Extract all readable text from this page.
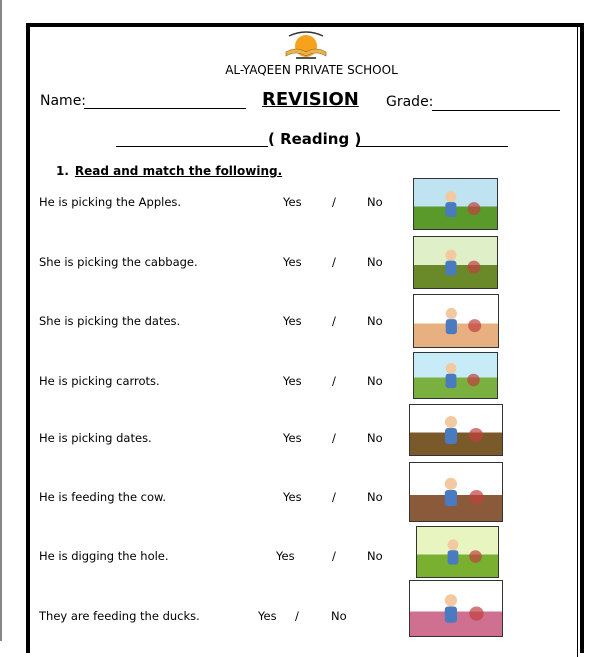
AL-YAQEEN PRIVATE SCHOOL
Name:	REVISION Grade:
( Reading )
1. Read and match the following.
He is picking the Apples.	Yes	/	No
She is picking the cabbage.	Yes	/	No
She is picking the dates.	Yes	/	No
He is picking carrots.	Yes	/	No
He is picking dates.	Yes	/	No
He is feeding the cow.	Yes	/	No
He is digging the hole.	Yes	/	No
They are feeding the ducks.	Yes /	No
